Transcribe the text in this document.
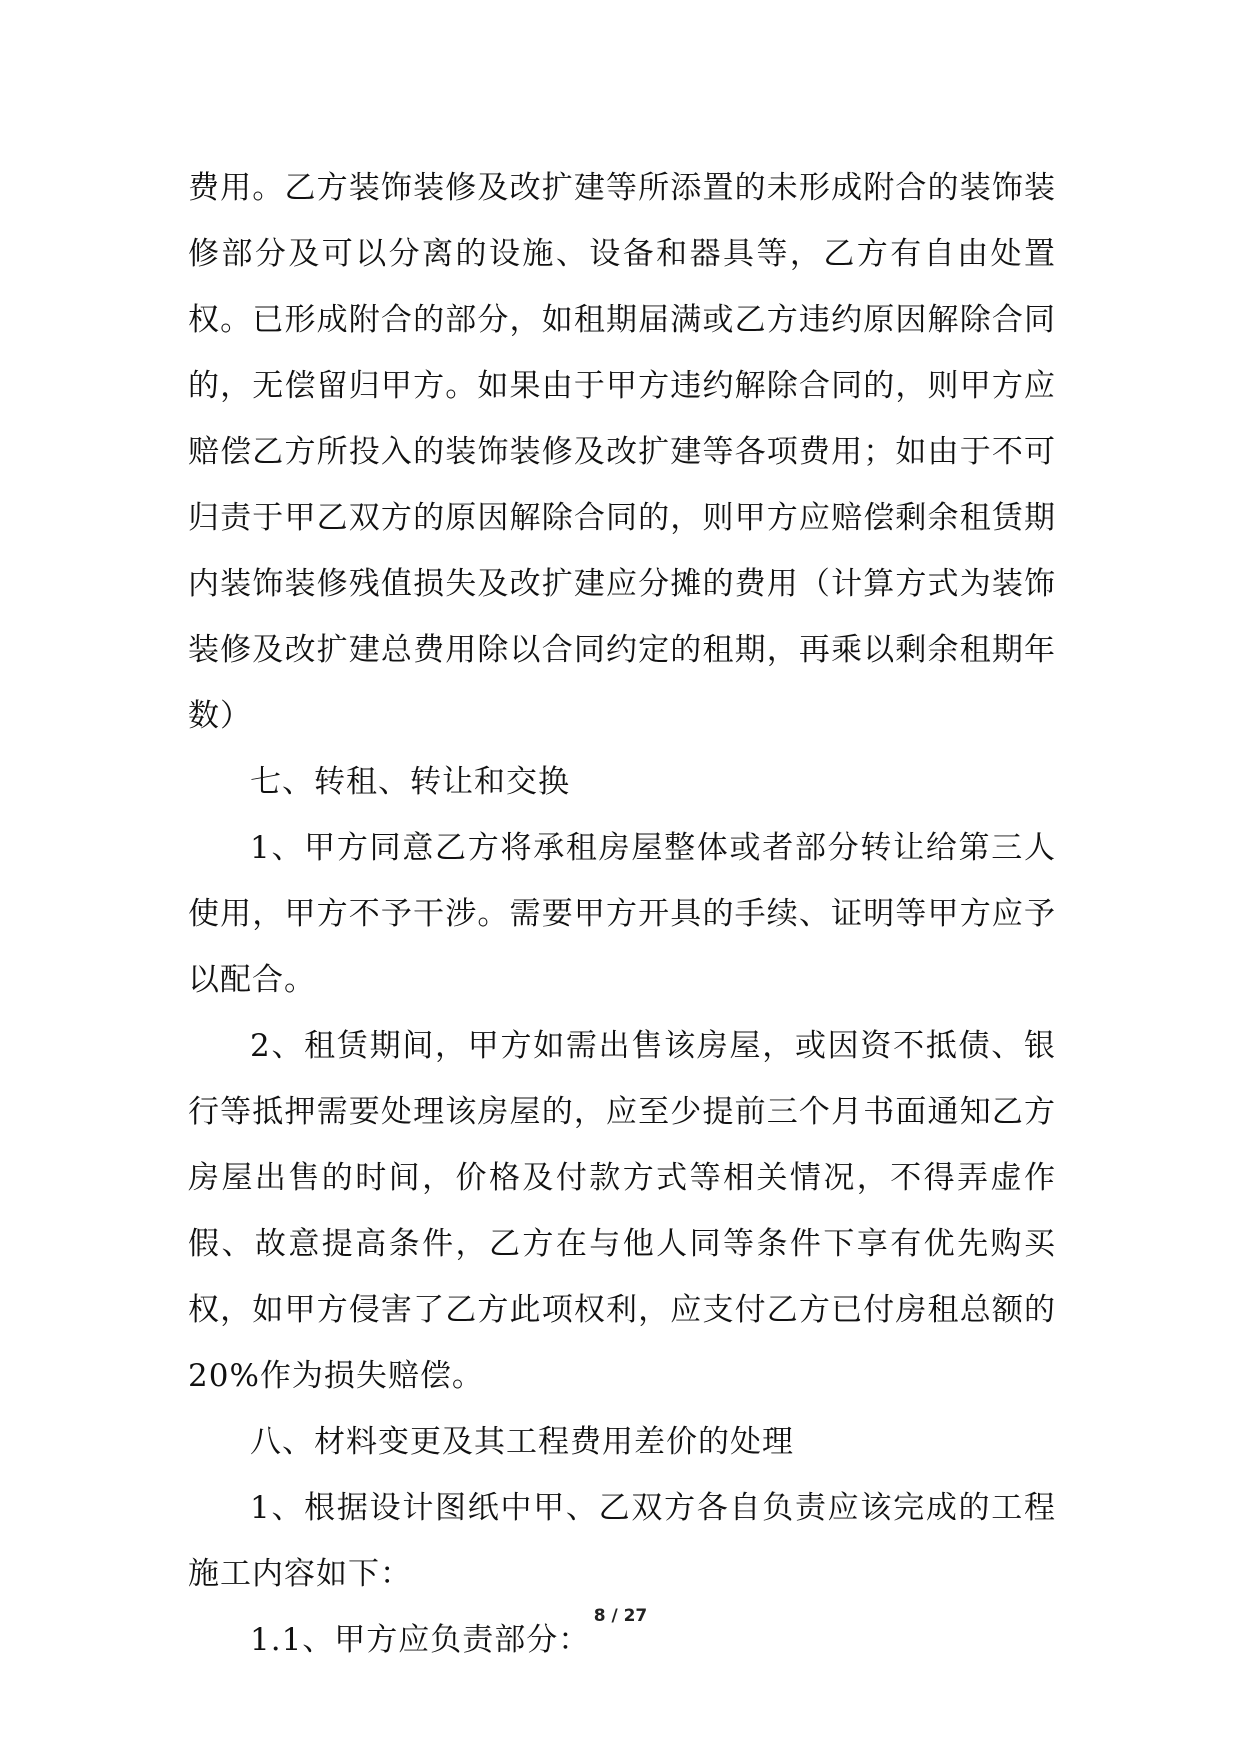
费用。乙方装饰装修及改扩建等所添置的未形成附合的装饰装修部分及可以分离的设施、设备和器具等，乙方有自由处置权。已形成附合的部分，如租期届满或乙方违约原因解除合同的，无偿留归甲方。如果由于甲方违约解除合同的，则甲方应赔偿乙方所投入的装饰装修及改扩建等各项费用；如由于不可归责于甲乙双方的原因解除合同的，则甲方应赔偿剩余租赁期内装饰装修残值损失及改扩建应分摊的费用（计算方式为装饰装修及改扩建总费用除以合同约定的租期，再乘以剩余租期年数）

七、转租、转让和交换

1、甲方同意乙方将承租房屋整体或者部分转让给第三人使用，甲方不予干涉。需要甲方开具的手续、证明等甲方应予以配合。

2、租赁期间，甲方如需出售该房屋，或因资不抵债、银行等抵押需要处理该房屋的，应至少提前三个月书面通知乙方房屋出售的时间，价格及付款方式等相关情况，不得弄虚作假、故意提高条件，乙方在与他人同等条件下享有优先购买权，如甲方侵害了乙方此项权利，应支付乙方已付房租总额的 20%作为损失赔偿。

八、材料变更及其工程费用差价的处理

1、根据设计图纸中甲、乙双方各自负责应该完成的工程施工内容如下：

1.1、甲方应负责部分：

8 / 27
